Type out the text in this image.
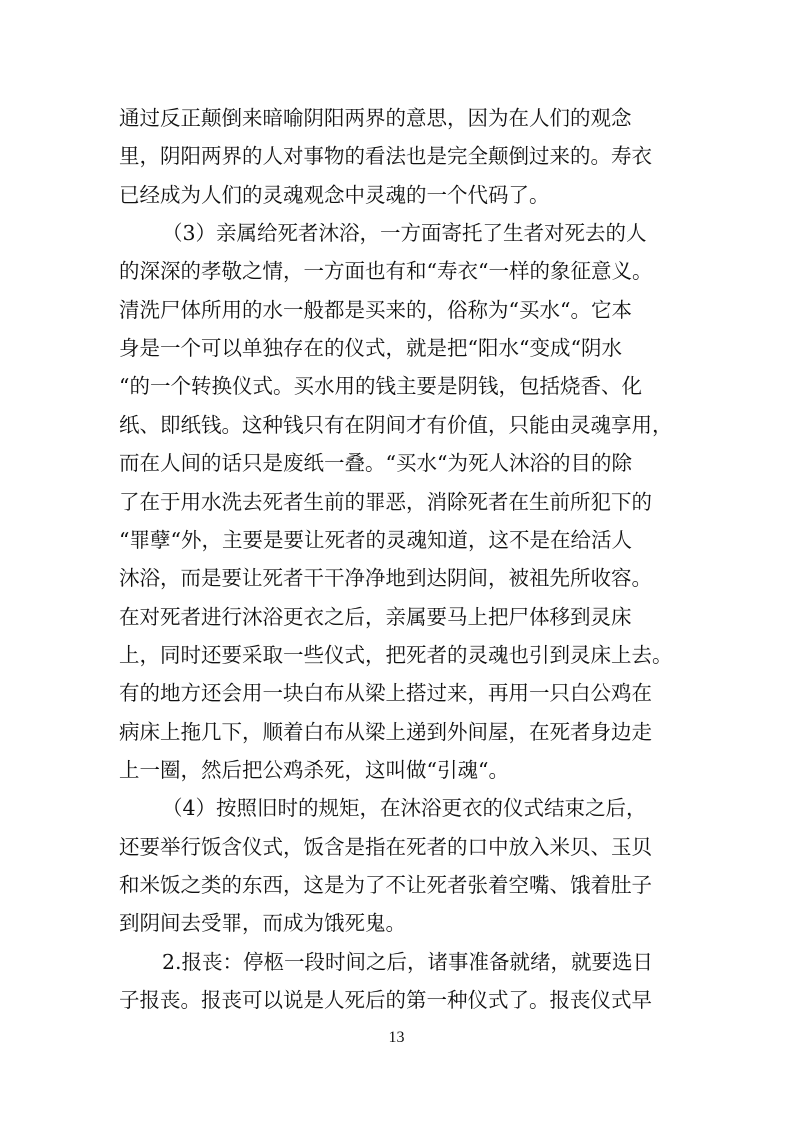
通过反正颠倒来暗喻阴阳两界的意思，因为在人们的观念
里，阴阳两界的人对事物的看法也是完全颠倒过来的。寿衣
已经成为人们的灵魂观念中灵魂的一个代码了。
（3）亲属给死者沐浴，一方面寄托了生者对死去的人
的深深的孝敬之情，一方面也有和“寿衣“一样的象征意义。
清洗尸体所用的水一般都是买来的，俗称为“买水“。它本
身是一个可以单独存在的仪式，就是把“阳水“变成“阴水
“的一个转换仪式。买水用的钱主要是阴钱，包括烧香、化
纸、即纸钱。这种钱只有在阴间才有价值，只能由灵魂享用，
而在人间的话只是废纸一叠。“买水“为死人沐浴的目的除
了在于用水洗去死者生前的罪恶，消除死者在生前所犯下的
“罪孽“外，主要是要让死者的灵魂知道，这不是在给活人
沐浴，而是要让死者干干净净地到达阴间，被祖先所收容。
在对死者进行沐浴更衣之后，亲属要马上把尸体移到灵床
上，同时还要采取一些仪式，把死者的灵魂也引到灵床上去。
有的地方还会用一块白布从梁上搭过来，再用一只白公鸡在
病床上拖几下，顺着白布从梁上递到外间屋，在死者身边走
上一圈，然后把公鸡杀死，这叫做“引魂“。
（4）按照旧时的规矩，在沐浴更衣的仪式结束之后，
还要举行饭含仪式，饭含是指在死者的口中放入米贝、玉贝
和米饭之类的东西，这是为了不让死者张着空嘴、饿着肚子
到阴间去受罪，而成为饿死鬼。
2.报丧：停柩一段时间之后，诸事准备就绪，就要选日
子报丧。报丧可以说是人死后的第一种仪式了。报丧仪式早
13
